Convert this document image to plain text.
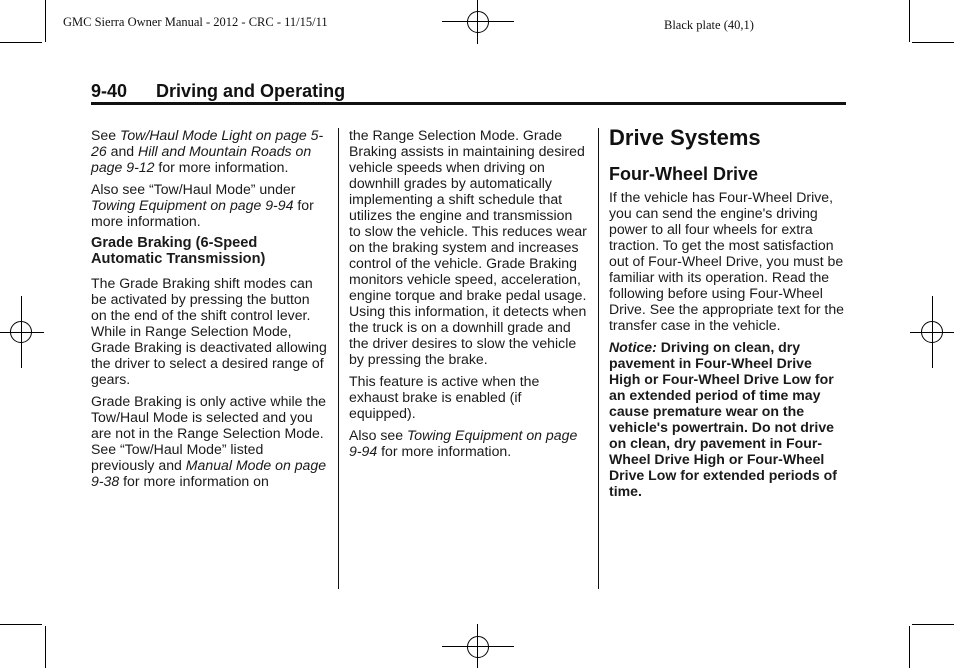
GMC Sierra Owner Manual - 2012 - CRC - 11/15/11	Black plate (40,1)
9-40 Driving and Operating

See Tow/Haul Mode Light on page 5-26 and Hill and Mountain Roads on page 9-12 for more information.

Also see “Tow/Haul Mode” under Towing Equipment on page 9-94 for more information.

Grade Braking (6-Speed Automatic Transmission)

The Grade Braking shift modes can be activated by pressing the button on the end of the shift control lever. While in Range Selection Mode, Grade Braking is deactivated allowing the driver to select a desired range of gears.

Grade Braking is only active while the Tow/Haul Mode is selected and you are not in the Range Selection Mode. See “Tow/Haul Mode” listed previously and Manual Mode on page 9-38 for more information on

the Range Selection Mode. Grade Braking assists in maintaining desired vehicle speeds when driving on downhill grades by automatically implementing a shift schedule that utilizes the engine and transmission to slow the vehicle. This reduces wear on the braking system and increases control of the vehicle. Grade Braking monitors vehicle speed, acceleration, engine torque and brake pedal usage. Using this information, it detects when the truck is on a downhill grade and the driver desires to slow the vehicle by pressing the brake.

This feature is active when the exhaust brake is enabled (if equipped).

Also see Towing Equipment on page 9-94 for more information.

Drive Systems
Four-Wheel Drive

If the vehicle has Four-Wheel Drive, you can send the engine's driving power to all four wheels for extra traction. To get the most satisfaction out of Four-Wheel Drive, you must be familiar with its operation. Read the following before using Four-Wheel Drive. See the appropriate text for the transfer case in the vehicle.

Notice: Driving on clean, dry pavement in Four-Wheel Drive High or Four-Wheel Drive Low for an extended period of time may cause premature wear on the vehicle's powertrain. Do not drive on clean, dry pavement in Four-Wheel Drive High or Four-Wheel Drive Low for extended periods of time.
